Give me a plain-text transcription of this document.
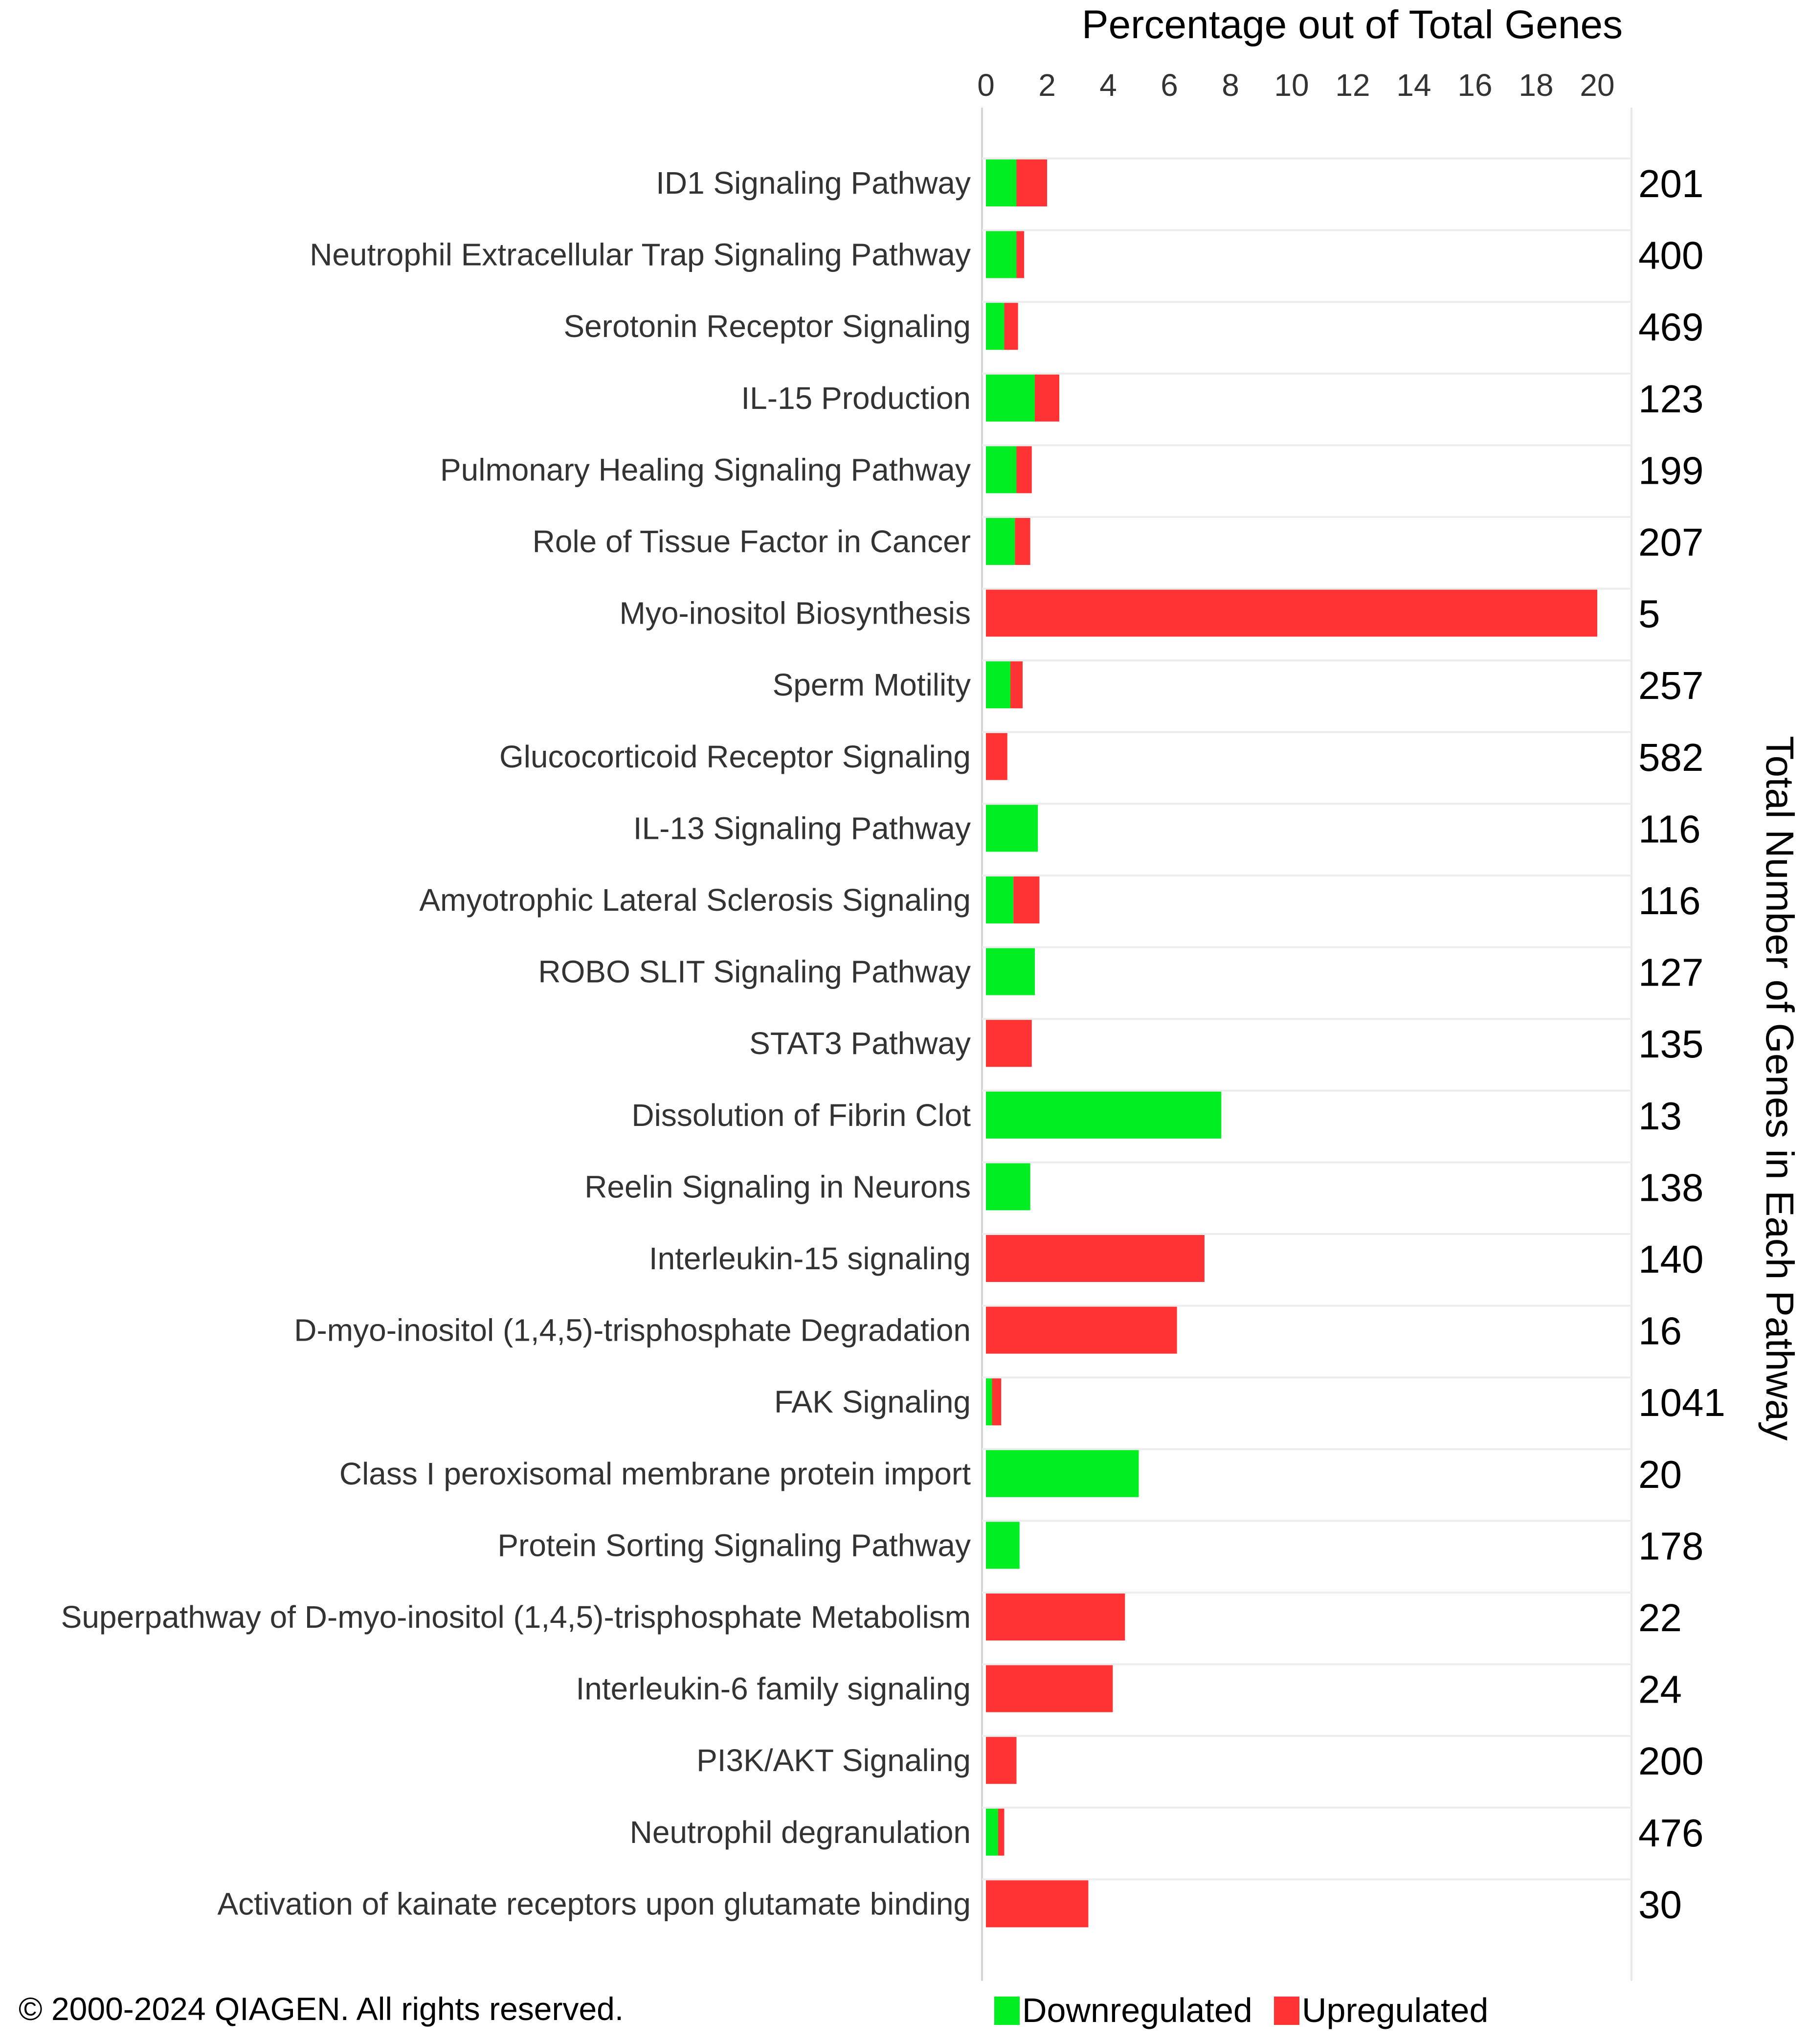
Percentage out of Total Genes
0 2 4 6 8 10 12 14 16 18 20
ID1 Signaling Pathway
Neutrophil Extracellular Trap Signaling Pathway
Serotonin Receptor Signaling
IL-15 Production
Pulmonary Healing Signaling Pathway
Role of Tissue Factor in Cancer
Myo-inositol Biosynthesis
Sperm Motility
Glucocorticoid Receptor Signaling
IL-13 Signaling Pathway
Amyotrophic Lateral Sclerosis Signaling
ROBO SLIT Signaling Pathway
STAT3 Pathway
Dissolution of Fibrin Clot
Reelin Signaling in Neurons
Interleukin-15 signaling
D-myo-inositol (1,4,5)-trisphosphate Degradation
FAK Signaling
Class I peroxisomal membrane protein import
Protein Sorting Signaling Pathway
Superpathway of D-myo-inositol (1,4,5)-trisphosphate Metabolism
Interleukin-6 family signaling
PI3K/AKT Signaling
Neutrophil degranulation
Activation of kainate receptors upon glutamate binding
201
400
469
123
199
207
5
257
582
116
116
127
135
13
138
140
16
1041
20
178
22
24
200
476
30
Total Number of Genes in Each Pathway
Downregulated Upregulated
© 2000-2024 QIAGEN. All rights reserved.
